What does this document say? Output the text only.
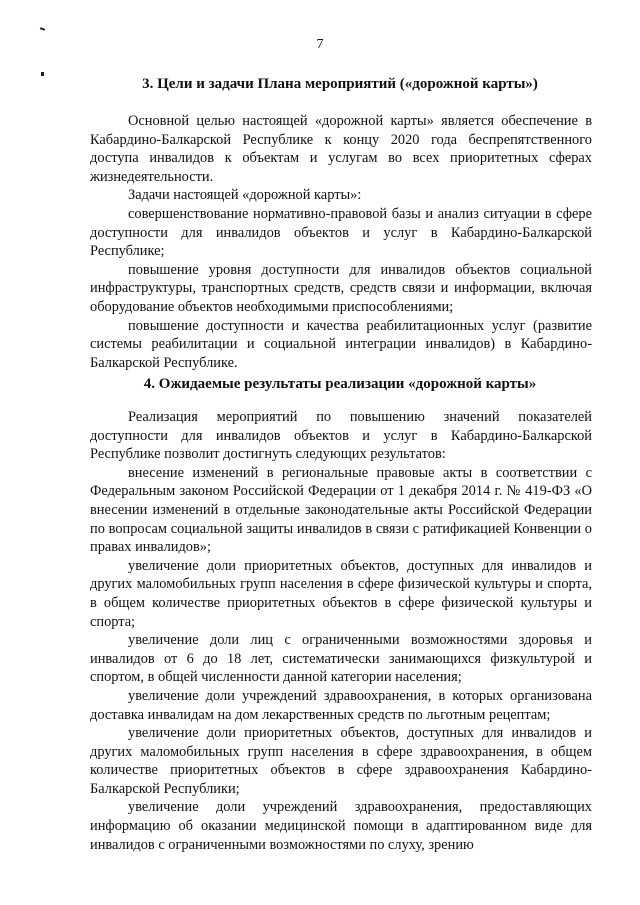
7
3. Цели и задачи Плана мероприятий («дорожной карты»)

Основной целью настоящей «дорожной карты» является обеспечение в Кабардино-Балкарской Республике к концу 2020 года беспрепятственного доступа инвалидов к объектам и услугам во всех приоритетных сферах жизнедеятельности.

Задачи настоящей «дорожной карты»:

совершенствование нормативно-правовой базы и анализ ситуации в сфере доступности для инвалидов объектов и услуг в Кабардино-Балкарской Республике;

повышение уровня доступности для инвалидов объектов социальной инфраструктуры, транспортных средств, средств связи и информации, включая оборудование объектов необходимыми приспособлениями;

повышение доступности и качества реабилитационных услуг (развитие системы реабилитации и социальной интеграции инвалидов) в Кабардино-Балкарской Республике.

4. Ожидаемые результаты реализации «дорожной карты»

Реализация мероприятий по повышению значений показателей доступности для инвалидов объектов и услуг в Кабардино-Балкарской Республике позволит достигнуть следующих результатов:

внесение изменений в региональные правовые акты в соответствии с Федеральным законом Российской Федерации от 1 декабря 2014 г. № 419-ФЗ «О внесении изменений в отдельные законодательные акты Российской Федерации по вопросам социальной защиты инвалидов в связи с ратификацией Конвенции о правах инвалидов»;

увеличение доли приоритетных объектов, доступных для инвалидов и других маломобильных групп населения в сфере физической культуры и спорта, в общем количестве приоритетных объектов в сфере физической культуры и спорта;

увеличение доли лиц с ограниченными возможностями здоровья и инвалидов от 6 до 18 лет, систематически занимающихся физкультурой и спортом, в общей численности данной категории населения;

увеличение доли учреждений здравоохранения, в которых организована доставка инвалидам на дом лекарственных средств по льготным рецептам;

увеличение доли приоритетных объектов, доступных для инвалидов и других маломобильных групп населения в сфере здравоохранения, в общем количестве приоритетных объектов в сфере здравоохранения Кабардино-Балкарской Республики;

увеличение доли учреждений здравоохранения, предоставляющих информацию об оказании медицинской помощи в адаптированном виде для инвалидов с ограниченными возможностями по слуху, зрению
